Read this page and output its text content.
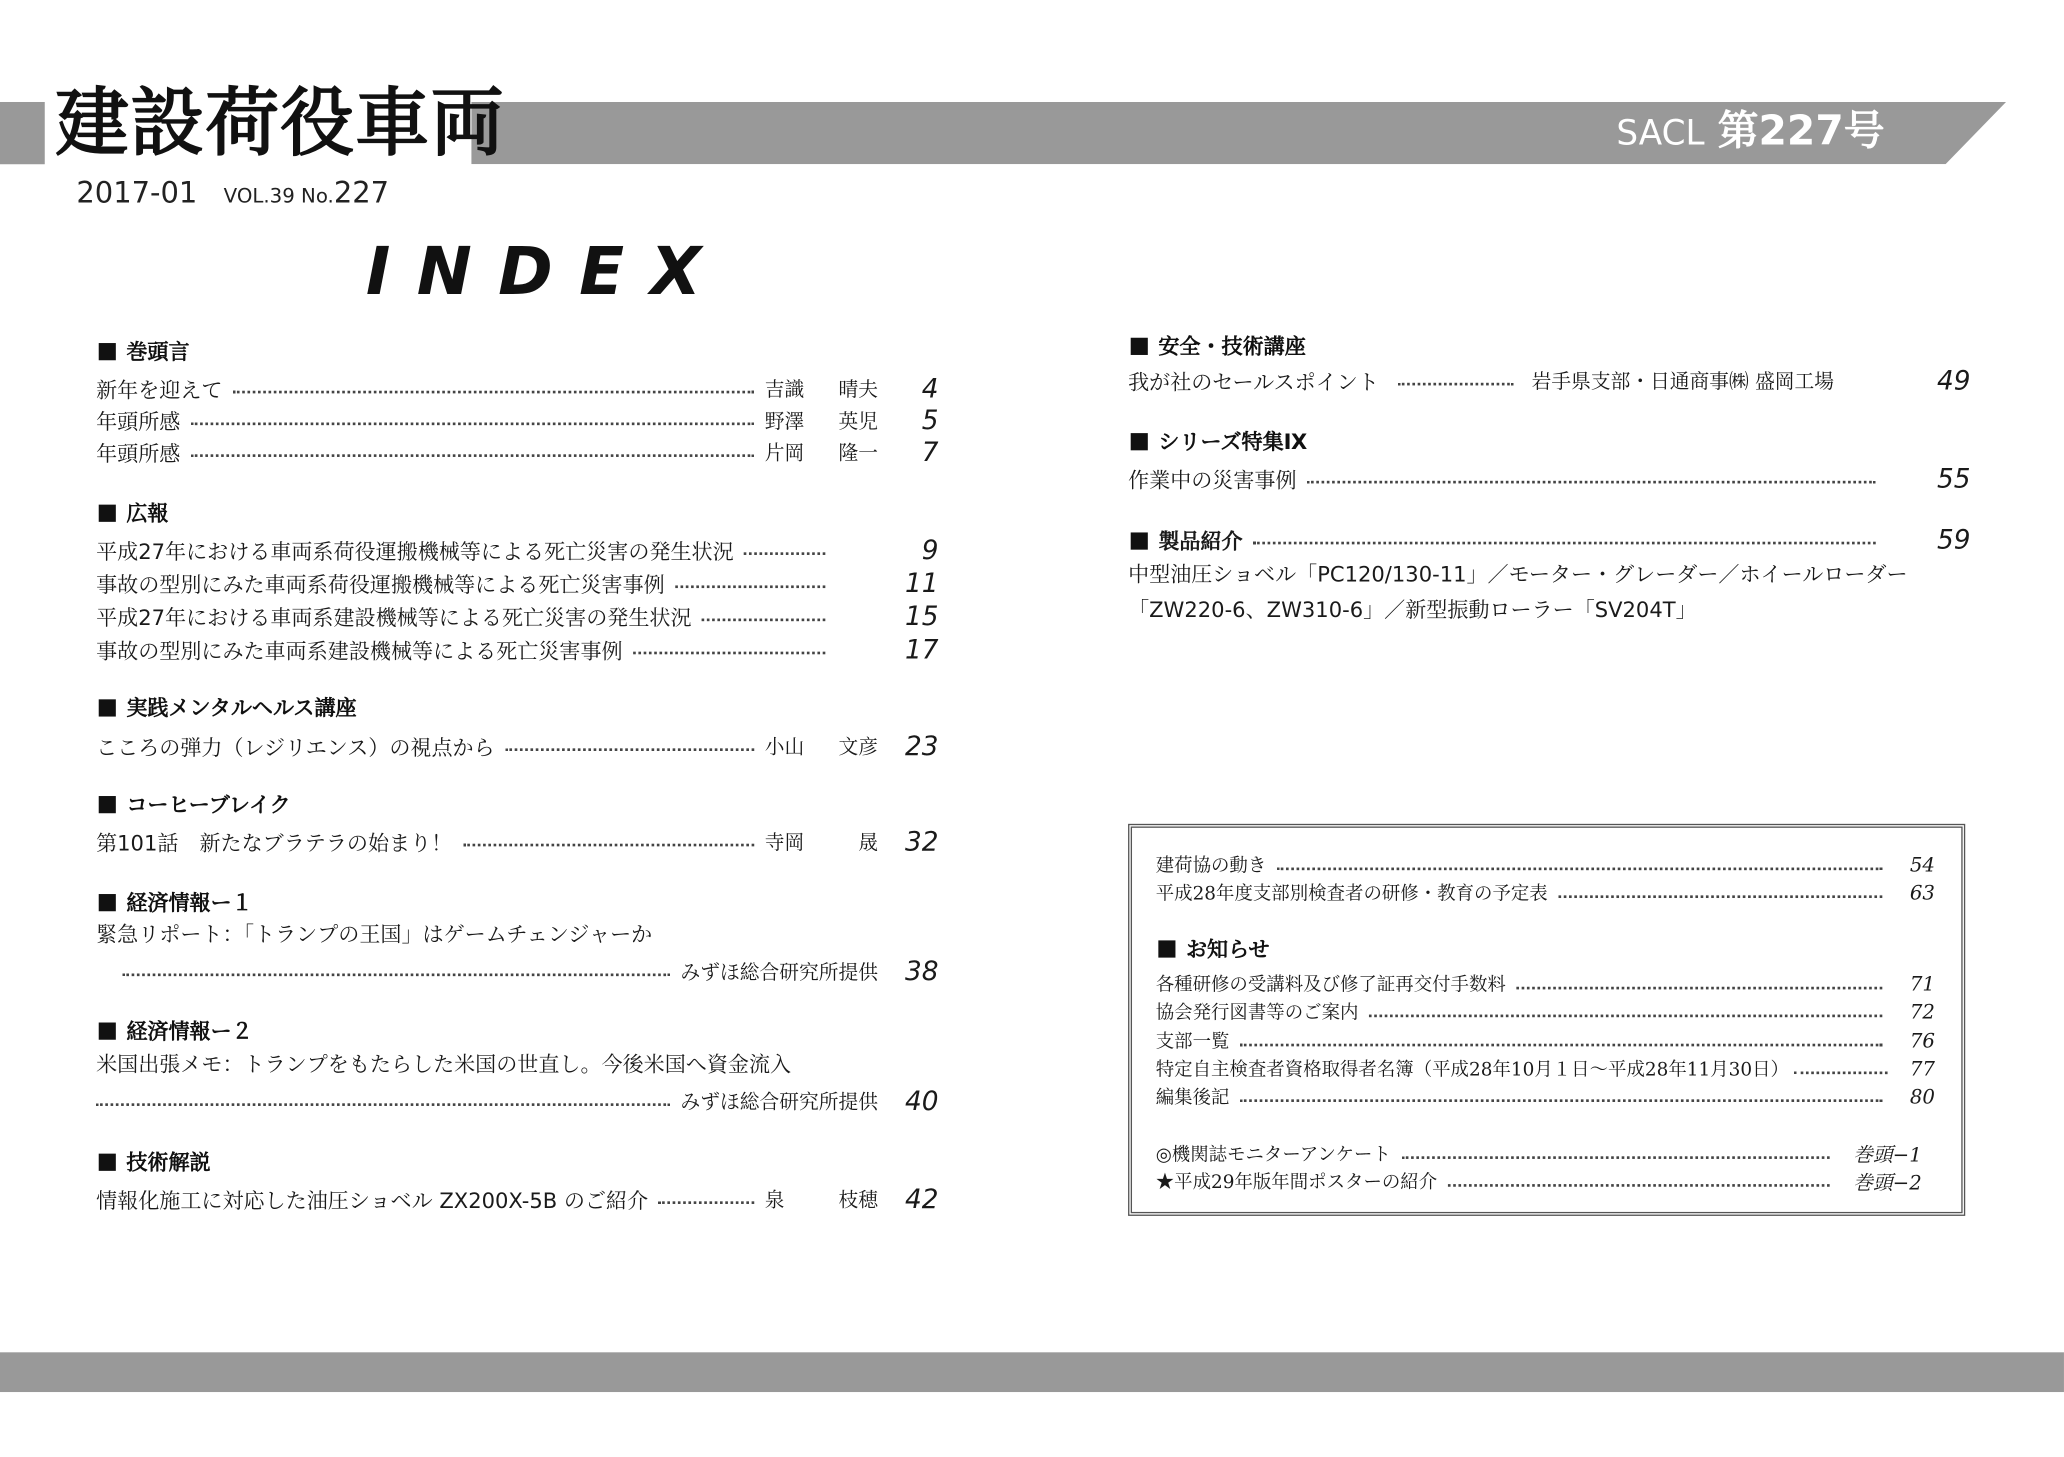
建設荷役車両	SACL 第227号
2017-01 VOL.39 No.227
INDEX
巻頭言
新年を迎えて	吉識 晴夫	4
年頭所感	野澤 英児	5
年頭所感	片岡 隆一	7
広報
平成27年における車両系荷役運搬機械等による死亡災害の発生状況	9
事故の型別にみた車両系荷役運搬機械等による死亡災害事例	11
平成27年における車両系建設機械等による死亡災害の発生状況	15
事故の型別にみた車両系建設機械等による死亡災害事例	17
実践メンタルヘルス講座
こころの弾力（レジリエンス）の視点から	小山 文彦	23
コーヒーブレイク
第101話　新たなブラテラの始まり！	寺岡	晟	32
経済情報ー１
緊急リポート：「トランプの王国」はゲームチェンジャーか
みずほ総合研究所提供	38
経済情報ー２
米国出張メモ：トランプをもたらした米国の世直し。今後米国へ資金流入
みずほ総合研究所提供	40
技術解説
情報化施工に対応した油圧ショベル ZX200X-5B のご紹介	泉	枝穂	42
安全・技術講座
我が社のセールスポイント	岩手県支部・日通商事㈱ 盛岡工場	49
シリーズ特集Ⅸ
作業中の災害事例	55
製品紹介	59
中型油圧ショベル「PC120/130-11」／モーター・グレーダー／ホイールローダー
「ZW220-6、ZW310-6」／新型振動ローラー「SV204T」
建荷協の動き	54
平成28年度支部別検査者の研修・教育の予定表	63
お知らせ
各種研修の受講料及び修了証再交付手数料	71
協会発行図書等のご案内	72
支部一覧	76
特定自主検査者資格取得者名簿（平成28年10月１日〜平成28年11月30日）	77
編集後記	80
◎機関誌モニターアンケート	巻頭−1
★平成29年版年間ポスターの紹介	巻頭−2
